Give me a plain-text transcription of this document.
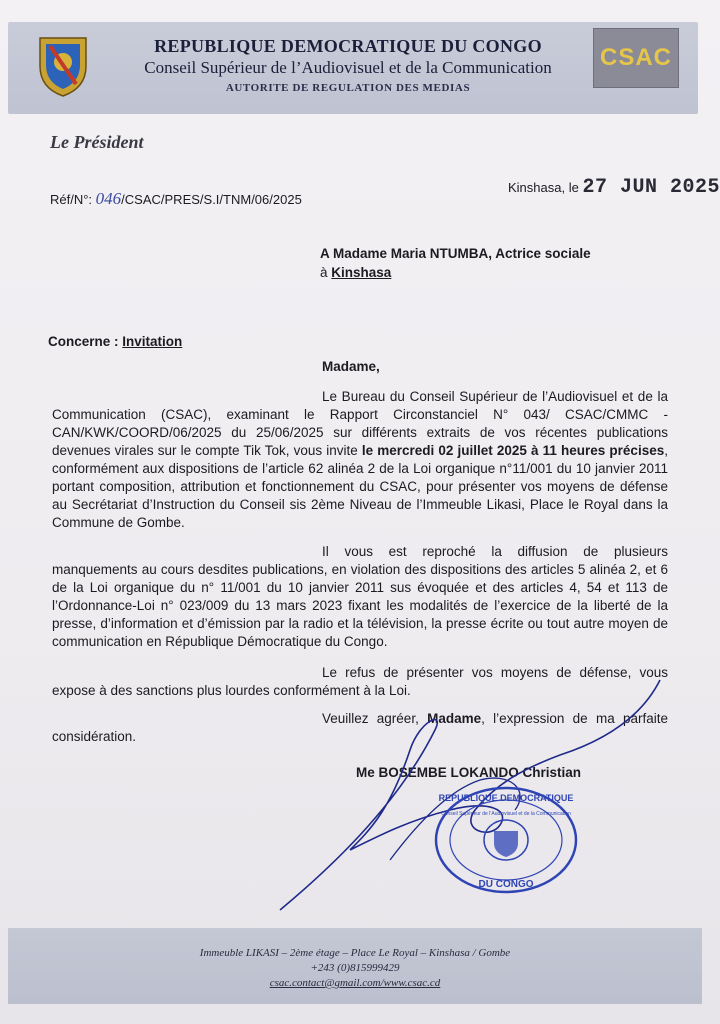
REPUBLIQUE DEMOCRATIQUE DU CONGO
Conseil Supérieur de l’Audiovisuel et de la Communication
AUTORITE DE REGULATION DES MEDIAS
CSAC
Le Président
Réf/N°: 046/CSAC/PRES/S.I/TNM/06/2025
Kinshasa, le 27 JUN 2025
A Madame Maria NTUMBA, Actrice sociale
à Kinshasa
Concerne : Invitation
Madame,
Le Bureau du Conseil Supérieur de l’Audiovisuel et de la Communication (CSAC), examinant le Rapport Circonstanciel N° 043/ CSAC/CMMC - CAN/KWK/COORD/06/2025 du 25/06/2025 sur différents extraits de vos récentes publications devenues virales sur le compte Tik Tok, vous invite le mercredi 02 juillet 2025 à 11 heures précises, conformément aux dispositions de l’article 62 alinéa 2 de la Loi organique n°11/001 du 10 janvier 2011 portant composition, attribution et fonctionnement du CSAC, pour présenter vos moyens de défense au Secrétariat d’Instruction du Conseil sis 2ème Niveau de l’Immeuble Likasi, Place le Royal dans la Commune de Gombe.
Il vous est reproché la diffusion de plusieurs manquements au cours desdites publications, en violation des dispositions des articles 5 alinéa 2, et 6 de la Loi organique du n° 11/001 du 10 janvier 2011 sus évoquée et des articles 4, 54 et 113 de l’Ordonnance-Loi n° 023/009 du 13 mars 2023 fixant les modalités de l’exercice de la liberté de la presse, d’information et d’émission par la radio et la télévision, la presse écrite ou tout autre moyen de communication en République Démocratique du Congo.
Le refus de présenter vos moyens de défense, vous expose à des sanctions plus lourdes conformément à la Loi.
Veuillez agréer, Madame, l’expression de ma parfaite considération.
Me BOSEMBE LOKANDO Christian
REPUBLIQUE DEMOCRATIQUE
Conseil Supérieur de l’Audiovisuel et de la Communication
DU CONGO
Immeuble LIKASI – 2ème étage – Place Le Royal – Kinshasa / Gombe
+243 (0)815999429
csac.contact@gmail.com/www.csac.cd
